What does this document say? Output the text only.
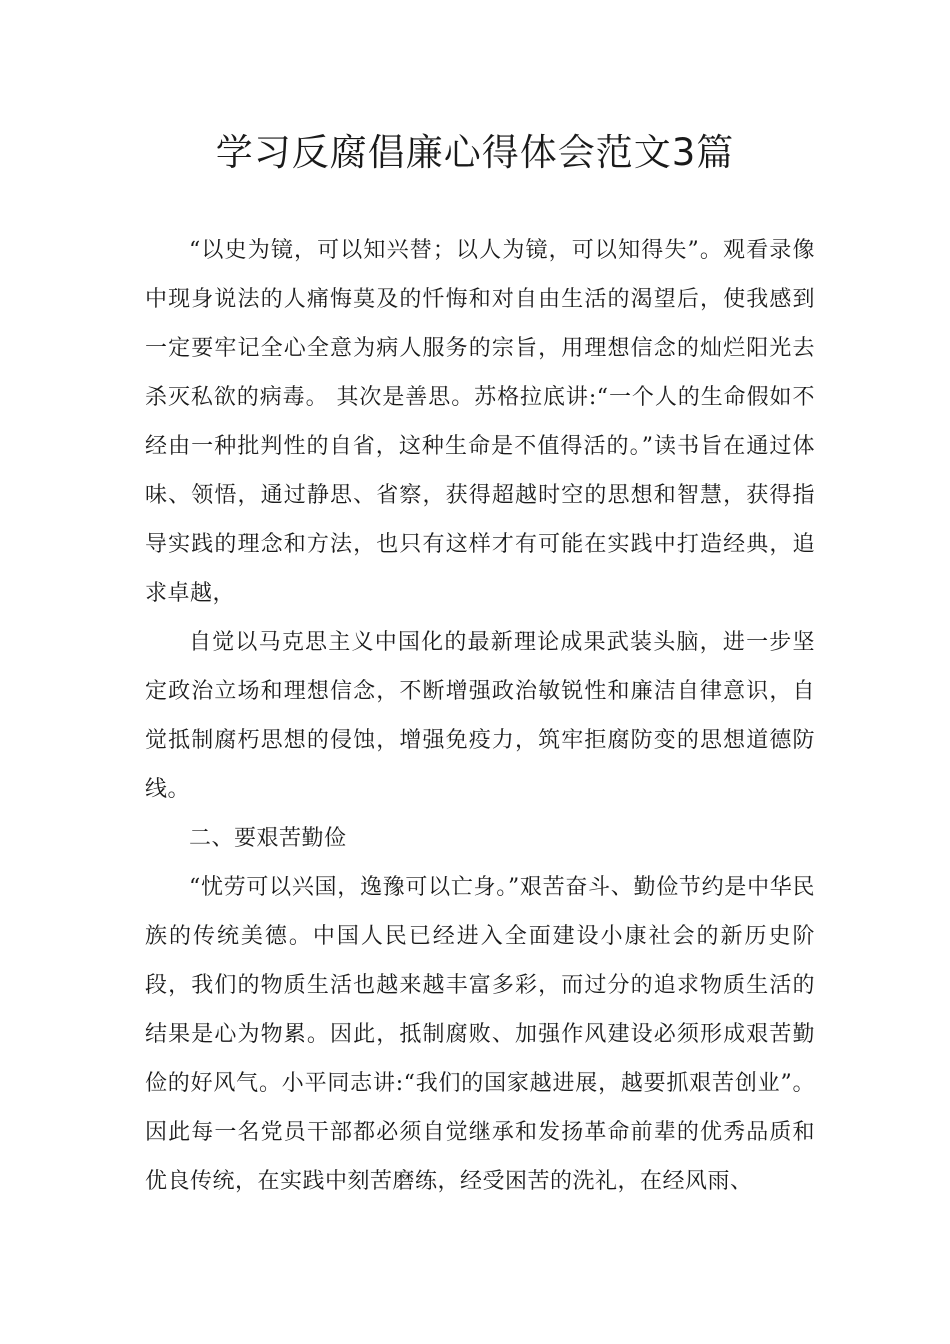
学习反腐倡廉心得体会范文3篇

“以史为镜，可以知兴替；以人为镜，可以知得失”。观看录像中现身说法的人痛悔莫及的忏悔和对自由生活的渴望后，使我感到一定要牢记全心全意为病人服务的宗旨，用理想信念的灿烂阳光去杀灭私欲的病毒。 其次是善思。苏格拉底讲:“一个人的生命假如不经由一种批判性的自省，这种生命是不值得活的。”读书旨在通过体味、领悟，通过静思、省察，获得超越时空的思想和智慧，获得指导实践的理念和方法，也只有这样才有可能在实践中打造经典，追求卓越，

自觉以马克思主义中国化的最新理论成果武装头脑，进一步坚定政治立场和理想信念，不断增强政治敏锐性和廉洁自律意识，自觉抵制腐朽思想的侵蚀，增强免疫力，筑牢拒腐防变的思想道德防线。

二、要艰苦勤俭

“忧劳可以兴国，逸豫可以亡身。”艰苦奋斗、勤俭节约是中华民族的传统美德。中国人民已经进入全面建设小康社会的新历史阶段，我们的物质生活也越来越丰富多彩，而过分的追求物质生活的结果是心为物累。因此，抵制腐败、加强作风建设必须形成艰苦勤俭的好风气。小平同志讲:“我们的国家越进展，越要抓艰苦创业”。因此每一名党员干部都必须自觉继承和发扬革命前辈的优秀品质和优良传统，在实践中刻苦磨练，经受困苦的洗礼，在经风雨、
